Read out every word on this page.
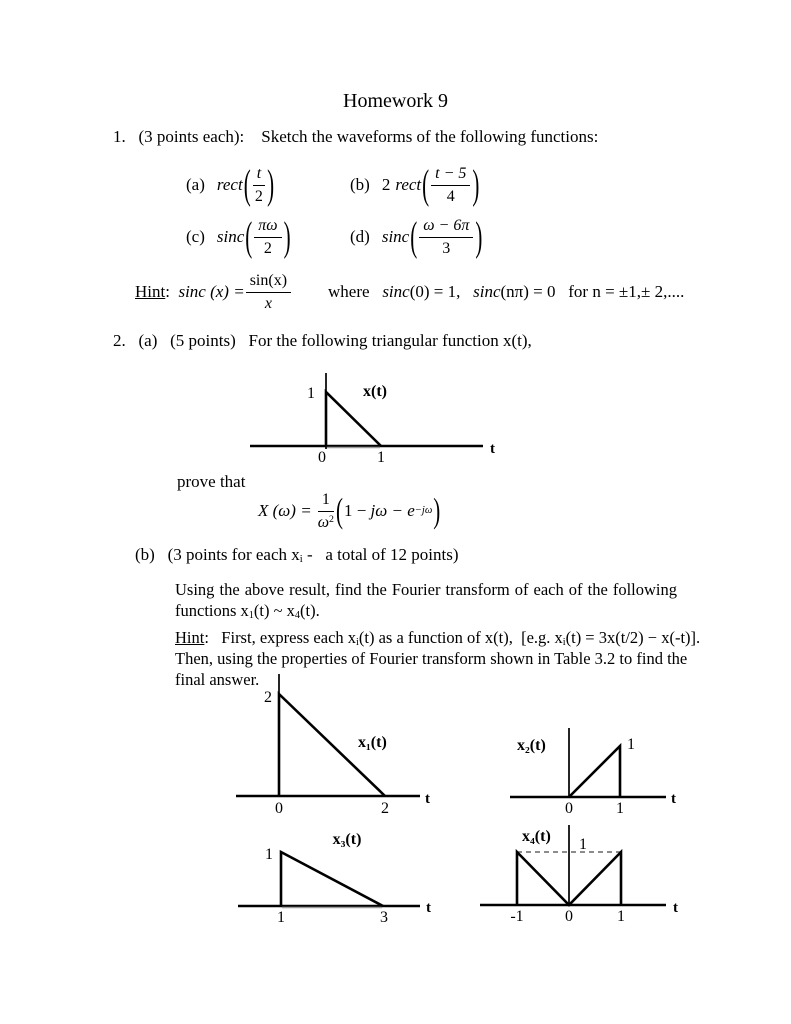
Homework 9
1.  (3 points each):   Sketch the waveforms of the following functions:
(a) rect ( $\frac{t}{2}$ )	(b) 2 rect ( $\frac{t - 5}{4}$ )
(c) sinc ( $\frac{\pi\omega}{2}$ )	(d) sinc ( $\frac{\omega - 6\pi}{3}$ )
Hint :  sinc $(x) = \frac{\sin(x)}{x}$ where  sinc (0) = 1,  sinc (nπ) = 0  for n = ±1,± 2,....
2.  (a)  (5 points)  For the following triangular function x(t),
prove that
X $(\omega) = \frac{1}{\omega^2}$ ( 1 − jω − e −jω )
(b)  (3 points for each $x_i$ -  a total of 12 points)
Using the above result, find the Fourier transform of each of the following
functions $x_1(t)$ ~ $x_4(t)$.
Hint:  First, express each $x_i(t)$ as a function of x(t), [e.g. $x_i(t) = 3x(t/2) - x(-t)$].
Then, using the properties of Fourier transform shown in Table 3.2 to find the
final answer.
1	x(t)
0	1	t
2
x₁(t)
0	2
t
x₂(t)	1
0	1
t
x₃(t)
1
1	3
t
x₄(t) 1
-1	0	1	t
